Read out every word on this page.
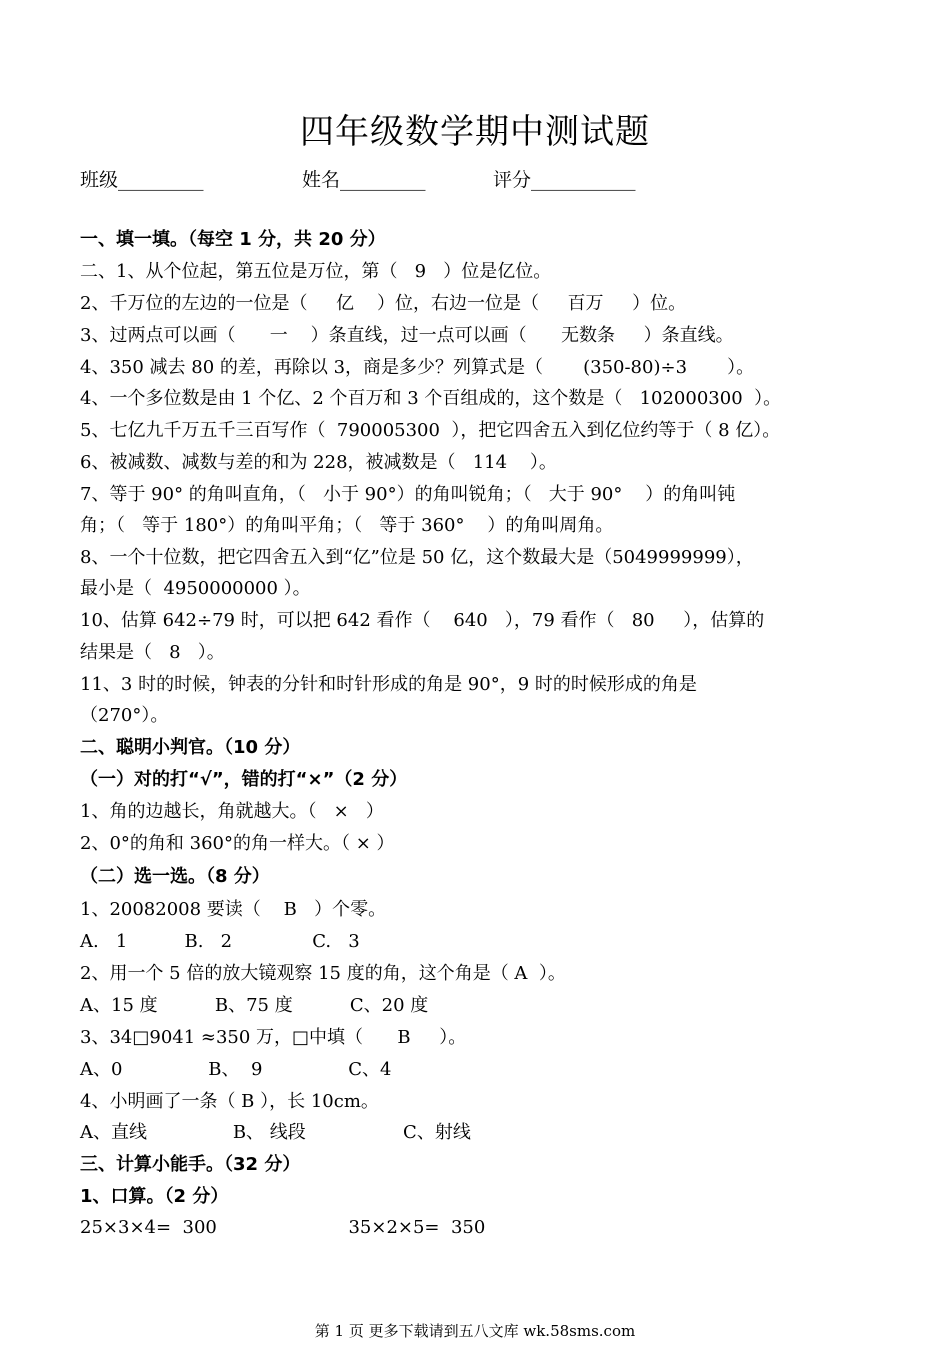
四年级数学期中测试题
班级_________	姓名_________	评分___________
一、填一填。（每空 1 分，共 20 分）
二、1、从个位起，第五位是万位，第（   9   ）位是亿位。
2、千万位的左边的一位是（     亿    ）位，右边一位是（     百万     ）位。
3、过两点可以画（      一    ）条直线，过一点可以画（      无数条     ）条直线。
4、350 减去 80 的差，再除以 3，商是多少？列算式是（       (350-80)÷3       ）。
4、一个多位数是由 1 个亿、2 个百万和 3 个百组成的，这个数是（   102000300  ）。
5、七亿九千万五千三百写作（  790005300  ），把它四舍五入到亿位约等于（ 8 亿）。
6、被减数、减数与差的和为 228，被减数是（   114    ）。
7、等于 90° 的角叫直角，（   小于 90°）的角叫锐角；（   大于 90°    ）的角叫钝
角；（   等于 180°）的角叫平角；（   等于 360°    ）的角叫周角。
8、一个十位数，把它四舍五入到“亿”位是 50 亿，这个数最大是（5049999999），
最小是（  4950000000 ）。
10、估算 642÷79 时，可以把 642 看作（    640   ），79 看作（   80     ），估算的
结果是（   8   ）。
11、3 时的时候，钟表的分针和时针形成的角是 90°，9 时的时候形成的角是
（270°）。
二、聪明小判官。（10 分）
（一）对的打“√”，错的打“×”（2 分）
1、角的边越长，角就越大。（   ×   ）
2、0°的角和 360°的角一样大。（ × ）
（二）选一选。（8 分）
1、20082008 要读（    B   ）个零。
A.   1          B.   2              C.   3
2、用一个 5 倍的放大镜观察 15 度的角，这个角是（ A  ）。
A、15 度          B、75 度          C、20 度
3、34□9041 ≈350 万，□中填（      B     ）。
A、0               B、  9               C、4
4、小明画了一条（ B ），长 10cm。
A、直线               B、 线段                 C、射线
三、计算小能手。（32 分）
1、口算。（2 分）
25×3×4=  300                       35×2×5=  350
第 1 页 更多下载请到五八文库 wk.58sms.com
